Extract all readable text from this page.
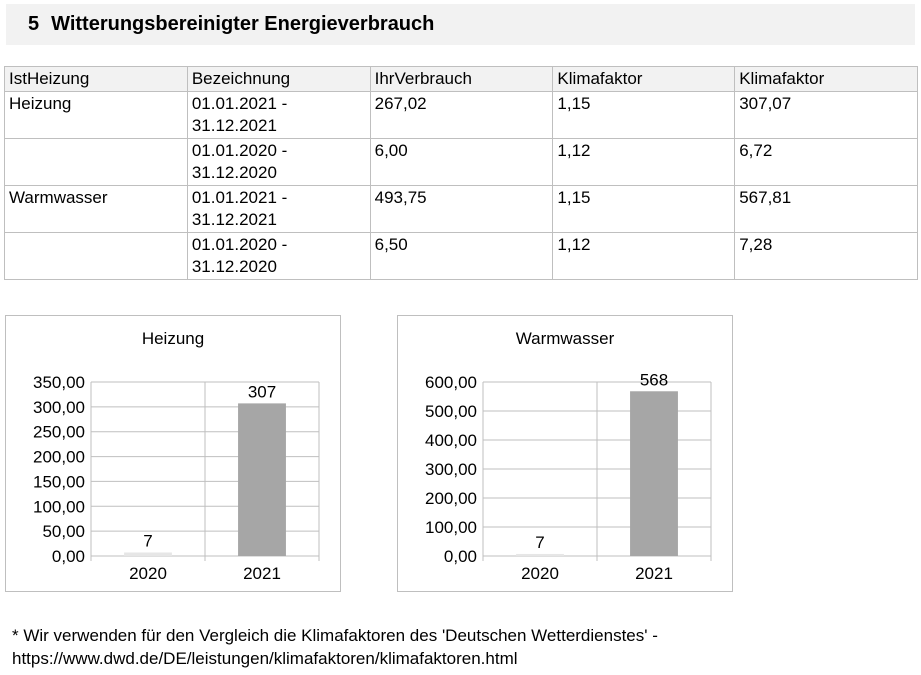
5 Witterungsbereinigter Energieverbrauch
IstHeizung	Bezeichnung	IhrVerbrauch	Klimafaktor	Klimafaktor
Heizung	01.01.2021 - 31.12.2021	267,02	1,15	307,07
	01.01.2020 - 31.12.2020	6,00	1,12	6,72
Warmwasser	01.01.2021 - 31.12.2021	493,75	1,15	567,81
	01.01.2020 - 31.12.2020	6,50	1,12	7,28
Heizung
0,00
50,00
100,00
150,00
200,00
250,00
300,00
350,00
7
2020
307
2021
Warmwasser
0,00
100,00
200,00
300,00
400,00
500,00
600,00
7
2020
568
2021
* Wir verwenden für den Vergleich die Klimafaktoren des 'Deutschen Wetterdienstes' -
https://www.dwd.de/DE/leistungen/klimafaktoren/klimafaktoren.html
